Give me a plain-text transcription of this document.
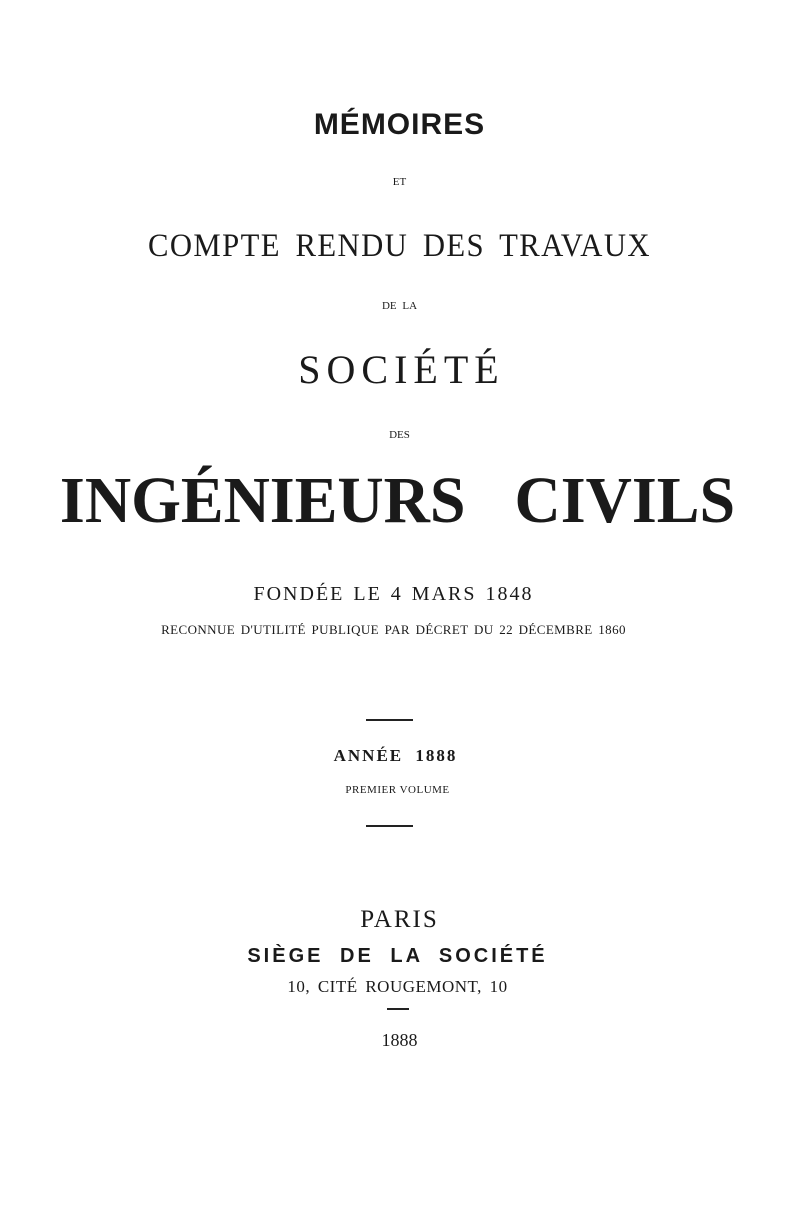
MÉMOIRES
ET
COMPTE RENDU DES TRAVAUX
DE LA
SOCIÉTÉ
DES
INGÉNIEURS CIVILS
FONDÉE LE 4 MARS 1848
RECONNUE D'UTILITÉ PUBLIQUE PAR DÉCRET DU 22 DÉCEMBRE 1860
ANNÉE 1888
PREMIER VOLUME
PARIS
SIÈGE DE LA SOCIÉTÉ
10, CITÉ ROUGEMONT, 10
1888
